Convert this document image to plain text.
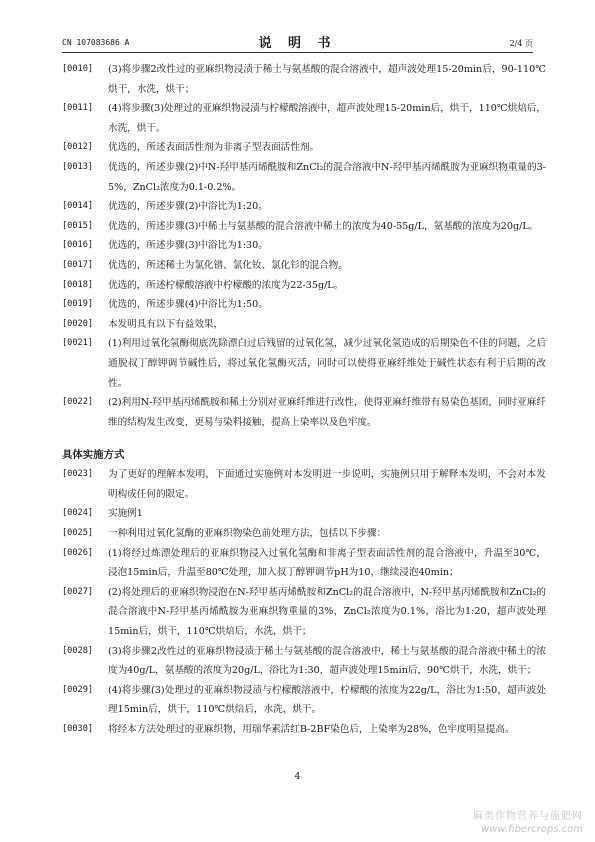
CN 107083686 A	说 明 书	2/4 页
[0010]	(3)将步骤2改性过的亚麻织物浸渍于稀土与氨基酸的混合溶液中，超声波处理15-20min后，90-110℃烘干，水洗，烘干；
[0011]	(4)将步骤(3)处理过的亚麻织物浸渍与柠檬酸溶液中，超声波处理15-20min后，烘干，110℃烘焙后，水洗，烘干。
[0012]	优选的，所述表面活性剂为非离子型表面活性剂。
[0013]	优选的，所述步骤(2)中N-羟甲基丙烯酰胺和ZnCl₂的混合溶液中N-羟甲基丙烯酰胺为亚麻织物重量的3-5%，ZnCl₂浓度为0.1-0.2%。
[0014]	优选的，所述步骤(2)中浴比为1:20。
[0015]	优选的，所述步骤(3)中稀土与氨基酸的混合溶液中稀土的浓度为40-55g/L，氨基酸的浓度为20g/L。
[0016]	优选的，所述步骤(3)中浴比为1:30。
[0017]	优选的，所述稀土为氯化镨、氯化钕、氯化钐的混合物。
[0018]	优选的，所述柠檬酸溶液中柠檬酸的浓度为22-35g/L。
[0019]	优选的，所述步骤(4)中浴比为1:50。
[0020]	本发明具有以下有益效果，
[0021]	(1)利用过氧化氢酶彻底洗除漂白过后残留的过氧化氢，减少过氧化氢造成的后期染色不佳的问题，之后通脱叔丁醇钾调节碱性后，将过氧化氢酶灭活，同时可以使得亚麻纤维处于碱性状态有利于后期的改性。
[0022]	(2)利用N-羟甲基丙烯酰胺和稀土分别对亚麻纤维进行改性，使得亚麻纤维带有易染色基团，同时亚麻纤维的结构发生改变，更易与染料接触，提高上染率以及色牢度。
具体实施方式
[0023]	为了更好的理解本发明，下面通过实施例对本发明进一步说明，实施例只用于解释本发明，不会对本发明构成任何的限定。
[0024]	实施例1
[0025]	一种利用过氧化氢酶的亚麻织物染色前处理方法，包括以下步骤：
[0026]	(1)将经过炼漂处理后的亚麻织物浸入过氧化氢酶和非离子型表面活性剂的混合溶液中，升温至30℃，浸泡15min后，升温至80℃处理，加入叔丁醇钾调节pH为10，继续浸泡40min；
[0027]	(2)将处理后的亚麻织物浸泡在N-羟甲基丙烯酰胺和ZnCl₂的混合溶液中，N-羟甲基丙烯酰胺和ZnCl₂的混合溶液中N-羟甲基丙烯酰胺为亚麻织物重量的3%，ZnCl₂浓度为0.1%，浴比为1:20，超声波处理15min后，烘干，110℃烘焙后，水洗，烘干；
[0028]	(3)将步骤2改性过的亚麻织物浸渍于稀土与氨基酸的混合溶液中，稀土与氨基酸的混合溶液中稀土的浓度为40g/L，氨基酸的浓度为20g/L，浴比为1:30，超声波处理15min后，90℃烘干，水洗，烘干；
[0029]	(4)将步骤(3)处理过的亚麻织物浸渍与柠檬酸溶液中，柠檬酸的浓度为22g/L，浴比为1:50，超声波处理15min后，烘干，110℃烘焙后，水洗，烘干。
[0030]	将经本方法处理过的亚麻织物，用瑞华素活红B-2BF染色后，上染率为28%，色牢度明显提高。
4
麻类作物营养与施肥网
www.fibercrops.com
